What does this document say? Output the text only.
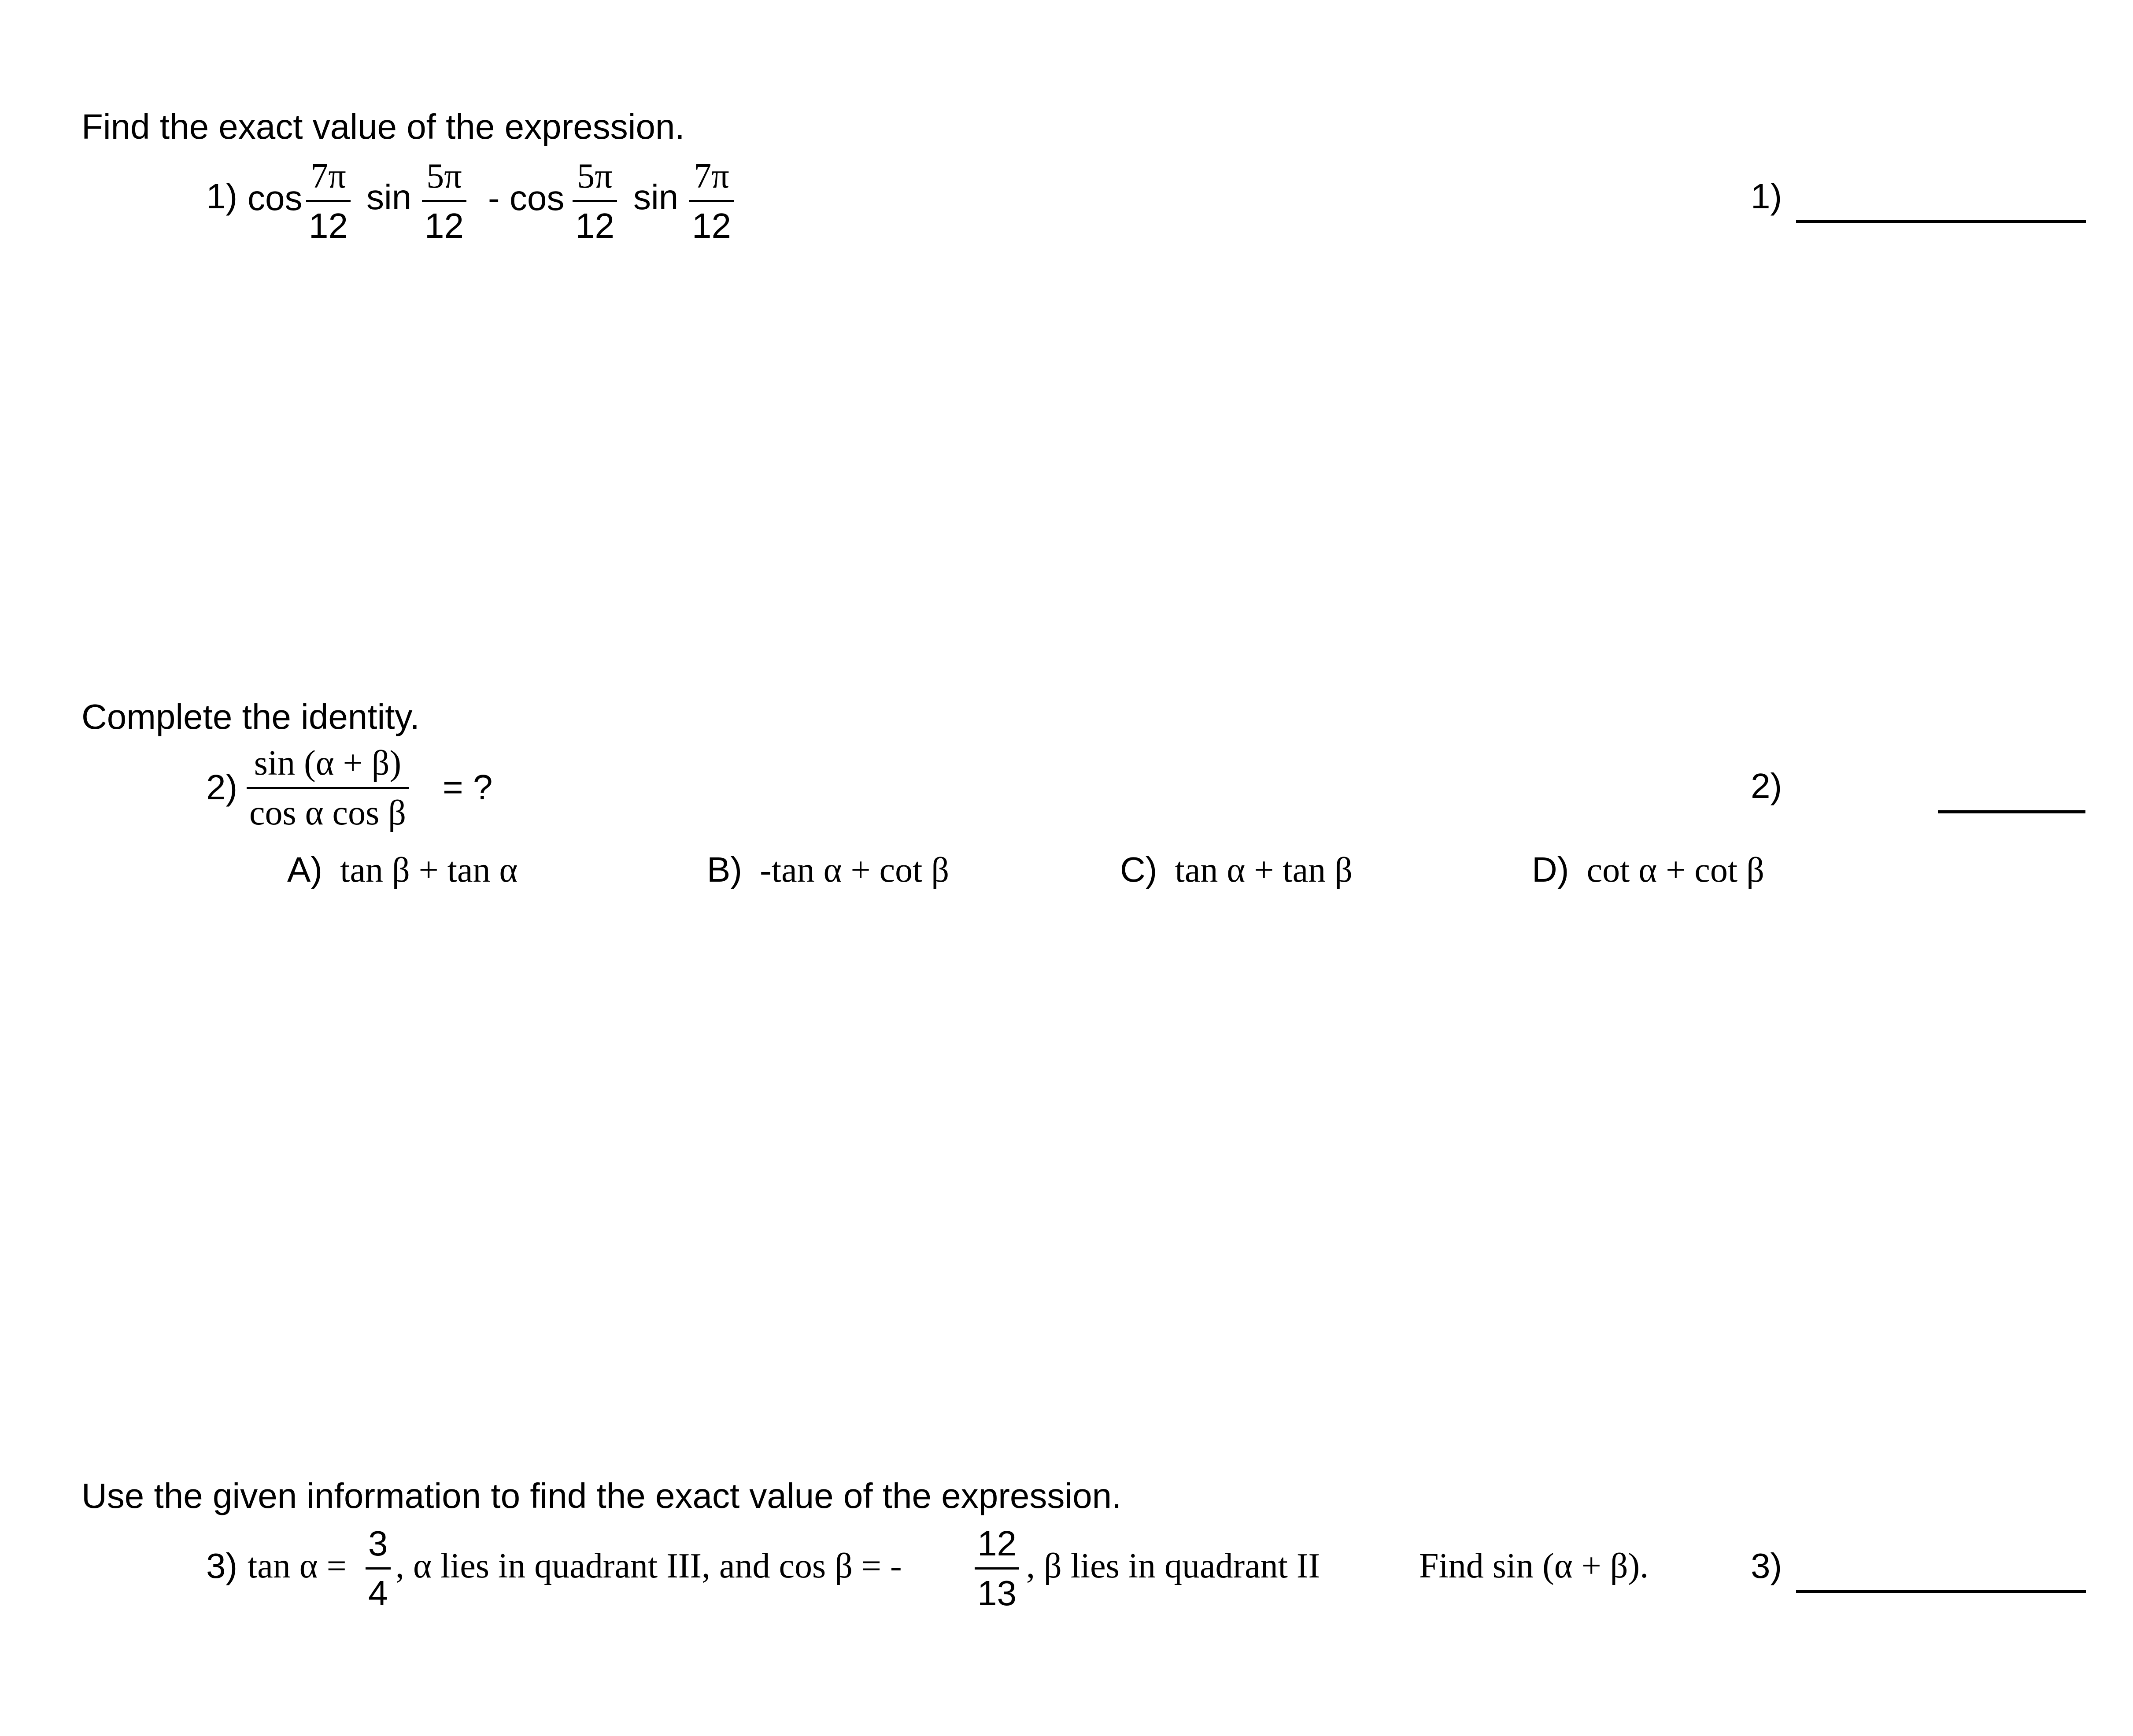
Find the exact value of the expression.
1) cos
7π
12
sin
5π
12
- cos
5π
12
sin
7π
12
1)
Complete the identity.
2)
sin (α + β)
cos α cos β
= ?	2)
A) tan β + tan α	B) -tan α + cot β	C) tan α + tan β	D) cot α + cot β
Use the given information to find the exact value of the expression.
3) tan α =
3
4
, α lies in quadrant III, and cos β = -
12
13
, β lies in quadrant II	Find sin (α + β).	3)
